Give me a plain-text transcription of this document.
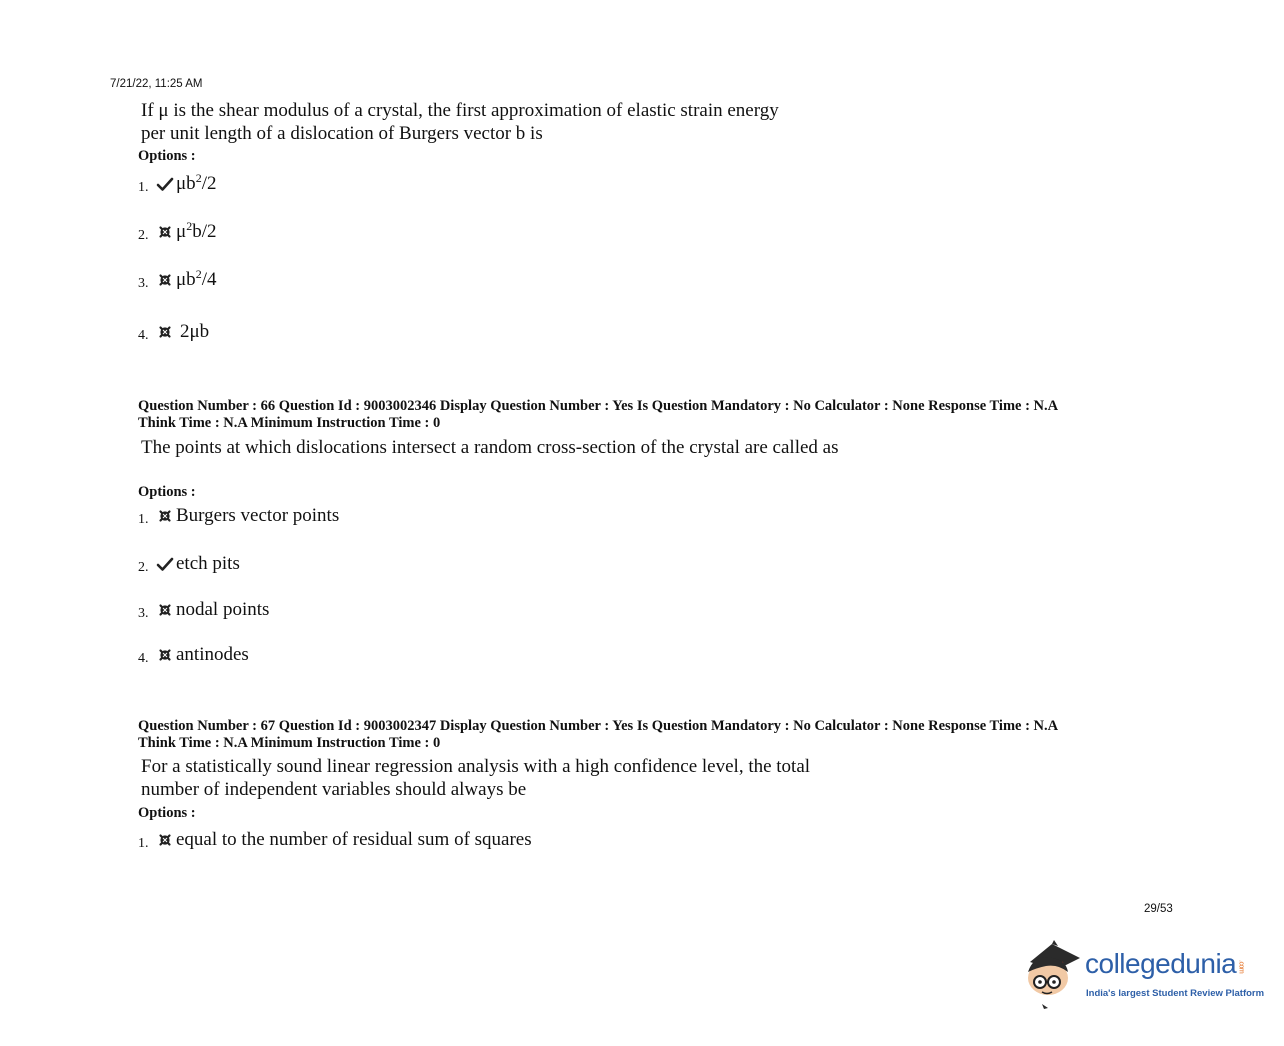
7/21/22, 11:25 AM
If μ is the shear modulus of a crystal, the first approximation of elastic strain energy
per unit length of a dislocation of Burgers vector b is
Options :
1.	$\mu b^2/2$
2.	$\mu^2b/2$
3.	$\mu b^2/4$
4.	2μb
Question Number : 66 Question Id : 9003002346 Display Question Number : Yes Is Question Mandatory : No Calculator : None Response Time : N.A
Think Time : N.A Minimum Instruction Time : 0
The points at which dislocations intersect a random cross-section of the crystal are called as
Options :
1.	Burgers vector points
2.	etch pits
3.	nodal points
4.	antinodes
Question Number : 67 Question Id : 9003002347 Display Question Number : Yes Is Question Mandatory : No Calculator : None Response Time : N.A
Think Time : N.A Minimum Instruction Time : 0
For a statistically sound linear regression analysis with a high confidence level, the total
number of independent variables should always be
Options :
1.	equal to the number of residual sum of squares
29/53
collegedunia.com
India's largest Student Review Platform
